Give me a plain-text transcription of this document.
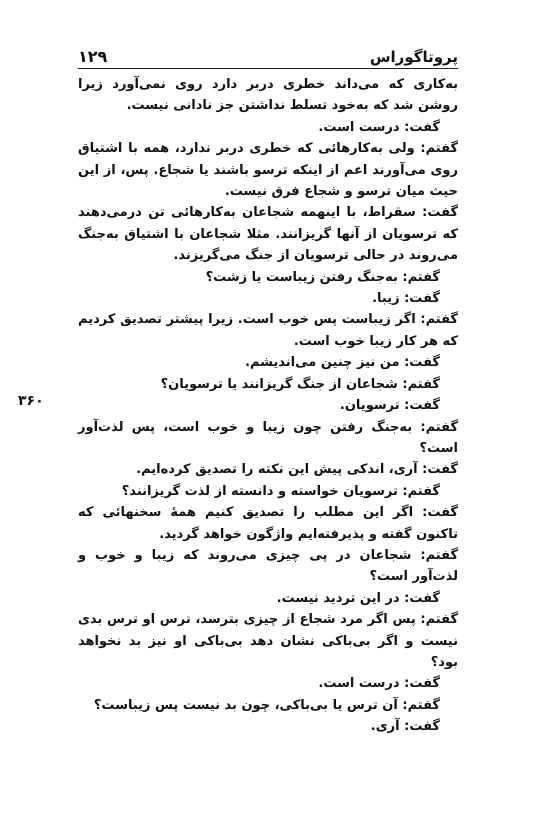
پروتاگوراس
۱۲۹
۳۶۰

به‌کاری که می‌داند خطری دربر دارد روی نمی‌آورد زیرا روشن شد که به‌خود تسلط نداشتن جز نادانی نیست.

گفت: درست است.

گفتم: ولی به‌کارهائی که خطری دربر ندارد، همه با اشتیاق روی می‌آورند اعم از اینکه ترسو باشند یا شجاع. پس، از این حیث میان ترسو و شجاع فرق نیست.

گفت: سقراط، با اینهمه شجاعان به‌کارهائی تن درمی‌دهند که ترسویان از آنها گریزانند. مثلا شجاعان با اشتیاق به‌جنگ می‌روند در حالی ترسویان از جنگ می‌گریزند.

گفتم: به‌جنگ رفتن زیباست یا زشت؟

گفت: زیبا.

گفتم: اگر زیباست پس خوب است. زیرا پیشتر تصدیق کردیم که هر کار زیبا خوب است.

گفت: من نیز چنین می‌اندیشم.

گفتم: شجاعان از جنگ گریزانند یا ترسویان؟

گفت: ترسویان.

گفتم: به‌جنگ رفتن چون زیبا و خوب است، پس لذت‌آور است؟

گفت: آری، اندکی پیش این نکته را تصدیق کرده‌ایم.

گفتم: ترسویان خواسته و دانسته از لذت گریزانند؟

گفت: اگر این مطلب را تصدیق کنیم همهٔ سخنهائی که تاکنون گفته و پذیرفته‌ایم واژگون خواهد گردید.

گفتم: شجاعان در پی چیزی می‌روند که زیبا و خوب و لذت‌آور است؟

گفت: در این تردید نیست.

گفتم: پس اگر مرد شجاع از چیزی بترسد، ترس او ترس بدی نیست و اگر بی‌باکی نشان دهد بی‌باکی او نیز بد نخواهد بود؟

گفت: درست است.

گفتم: آن ترس یا بی‌باکی، چون بد نیست پس زیباست؟

گفت: آری.
